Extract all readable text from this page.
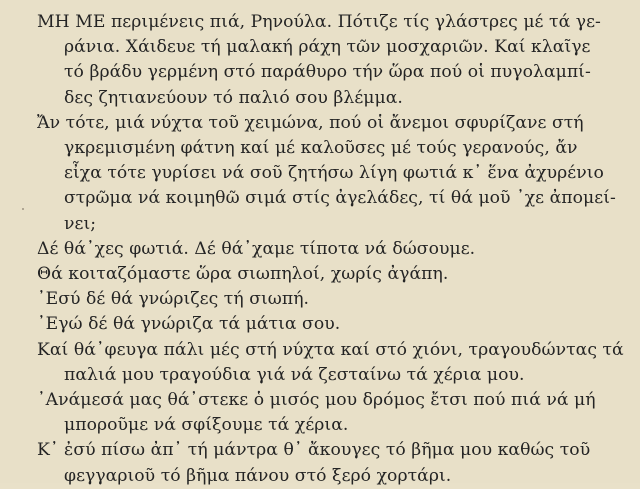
ΜΗ ΜΕ περιμένεις πιά, Ρηνούλα. Πότιζε τίς γλάστρες μέ τά γε-
ράνια. Χάιδευε τή μαλακή ράχη τῶν μοσχαριῶν. Καί κλαῖγε
τό βράδυ γερμένη στό παράθυρο τήν ὥρα πού οἱ πυγολαμπί-
δες ζητιανεύουν τό παλιό σου βλέμμα.
Ἄν τότε, μιά νύχτα τοῦ χειμώνα, πού οἱ ἄνεμοι σφυρίζανε στή
γκρεμισμένη φάτνη καί μέ καλοῦσες μέ τούς γερανούς, ἄν
εἶχα τότε γυρίσει νά σοῦ ζητήσω λίγη φωτιά κ᾿ ἕνα ἀχυρένιο
στρῶμα νά κοιμηθῶ σιμά στίς ἀγελάδες, τί θά μοῦ ᾿χε ἀπομεί-
νει;
Δέ θά᾿χες φωτιά. Δέ θά᾿χαμε τίποτα νά δώσουμε.
Θά κοιταζόμαστε ὥρα σιωπηλοί, χωρίς ἀγάπη.
᾿Εσύ δέ θά γνώριζες τή σιωπή.
᾿Εγώ δέ θά γνώριζα τά μάτια σου.
Καί θά᾿φευγα πάλι μές στή νύχτα καί στό χιόνι, τραγουδώντας τά
παλιά μου τραγούδια γιά νά ζεσταίνω τά χέρια μου.
᾿Ανάμεσά μας θά᾿στεκε ὁ μισός μου δρόμος ἔτσι πού πιά νά μή
μποροῦμε νά σφίξουμε τά χέρια.
Κ᾿ ἐσύ πίσω ἀπ᾿ τή μάντρα θ᾿ ἄκουγες τό βῆμα μου καθώς τοῦ
φεγγαριοῦ τό βῆμα πάνου στό ξερό χορτάρι.
